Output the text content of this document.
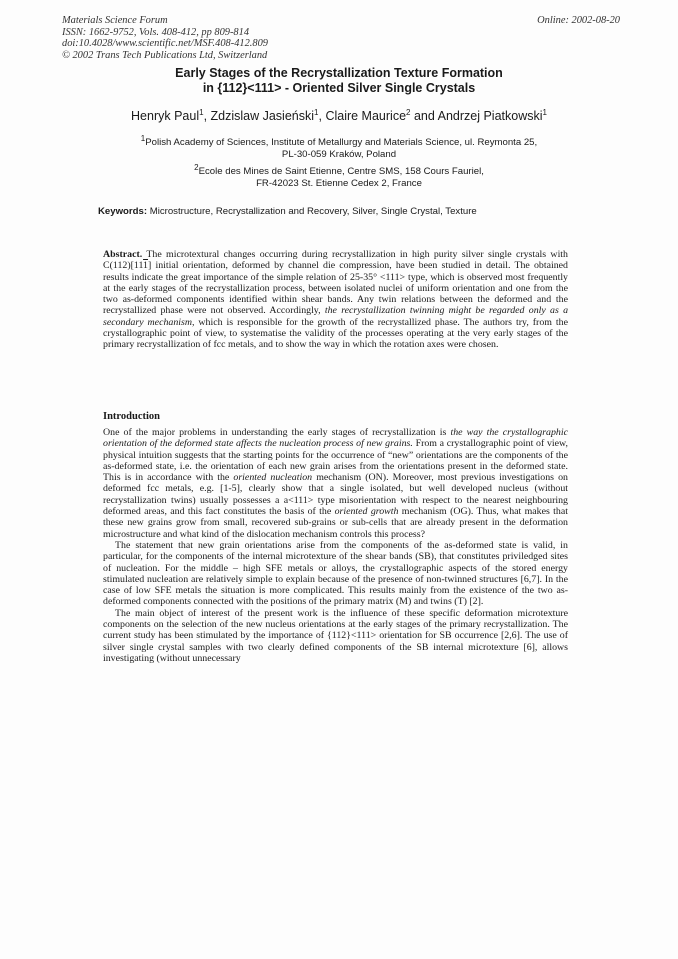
Materials Science Forum
ISSN: 1662-9752, Vols. 408-412, pp 809-814
doi:10.4028/www.scientific.net/MSF.408-412.809
© 2002 Trans Tech Publications Ltd, Switzerland
Online: 2002-08-20
Early Stages of the Recrystallization Texture Formation
in {112}<111> - Oriented Silver Single Crystals
Henryk Paul$^1$, Zdzislaw Jasieński$^1$, Claire Maurice$^2$ and Andrzej Piatkowski$^1$
$^1$Polish Academy of Sciences, Institute of Metallurgy and Materials Science, ul. Reymonta 25,
PL-30-059 Kraków, Poland
$^2$Ecole des Mines de Saint Etienne, Centre SMS, 158 Cours Fauriel,
FR-42023 St. Etienne Cedex 2, France
Keywords: Microstructure, Recrystallization and Recovery, Silver, Single Crystal, Texture
Abstract. The microtextural changes occurring during recrystallization in high purity silver single crystals with C(112)[111] initial orientation, deformed by channel die compression, have been studied in detail. The obtained results indicate the great importance of the simple relation of 25-35° <111> type, which is observed most frequently at the early stages of the recrystallization process, between isolated nuclei of uniform orientation and one from the two as-deformed components identified within shear bands. Any twin relations between the deformed and the recrystallized phase were not observed. Accordingly, the recrystallization twinning might be regarded only as a secondary mechanism, which is responsible for the growth of the recrystallized phase. The authors try, from the crystallographic point of view, to systematise the validity of the processes operating at the very early stages of the primary recrystallization of fcc metals, and to show the way in which the rotation axes were chosen.
Introduction

One of the major problems in understanding the early stages of recrystallization is the way the crystallographic orientation of the deformed state affects the nucleation process of new grains. From a crystallographic point of view, physical intuition suggests that the starting points for the occurrence of “new” orientations are the components of the as-deformed state, i.e. the orientation of each new grain arises from the orientations present in the deformed state. This is in accordance with the oriented nucleation mechanism (ON). Moreover, most previous investigations on deformed fcc metals, e.g. [1-5], clearly show that a single isolated, but well developed nucleus (without recrystallization twins) usually possesses a a<111> type misorientation with respect to the nearest neighbouring deformed areas, and this fact constitutes the basis of the oriented growth mechanism (OG). Thus, what makes that these new grains grow from small, recovered sub-grains or sub-cells that are already present in the deformation microstructure and what kind of the dislocation mechanism controls this process?

The statement that new grain orientations arise from the components of the as-deformed state is valid, in particular, for the components of the internal microtexture of the shear bands (SB), that constitutes priviledged sites of nucleation. For the middle – high SFE metals or alloys, the crystallographic aspects of the stored energy stimulated nucleation are relatively simple to explain because of the presence of non-twinned structures [6,7]. In the case of low SFE metals the situation is more complicated. This results mainly from the existence of the two as-deformed components connected with the positions of the primary matrix (M) and twins (T) [2].

The main object of interest of the present work is the influence of these specific deformation microtexture components on the selection of the new nucleus orientations at the early stages of the primary recrystallization. The current study has been stimulated by the importance of {112}<111> orientation for SB occurrence [2,6]. The use of silver single crystal samples with two clearly defined components of the SB internal microtexture [6], allows investigating (without unnecessary
